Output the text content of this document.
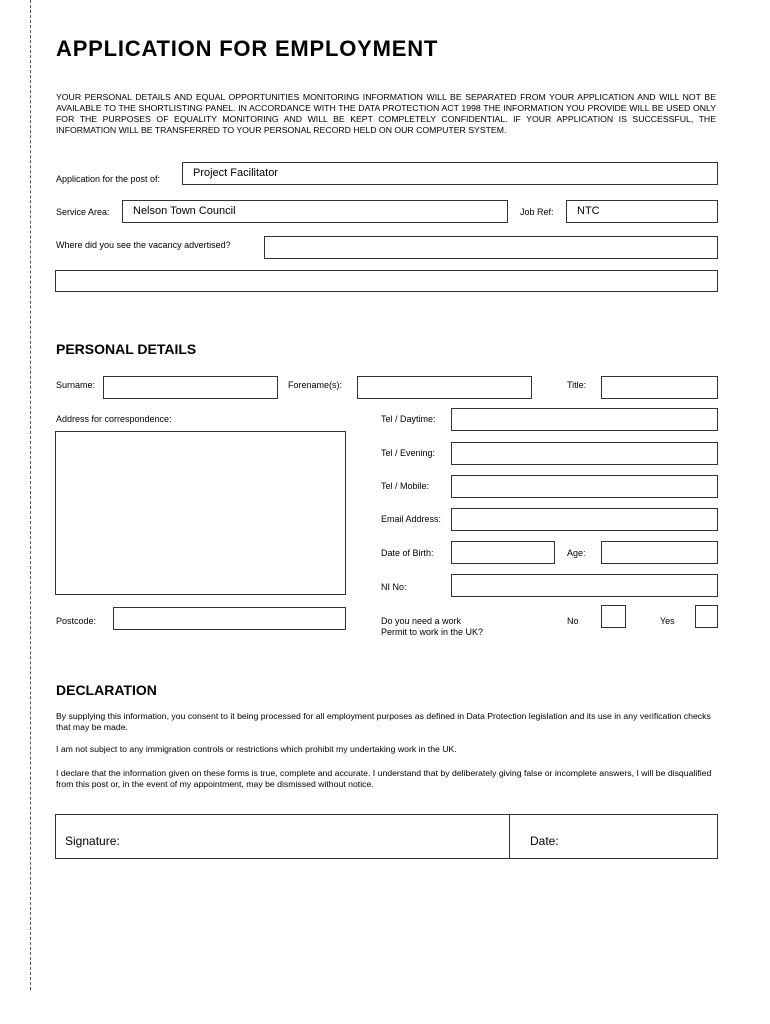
APPLICATION FOR EMPLOYMENT
YOUR PERSONAL DETAILS AND EQUAL OPPORTUNITIES MONITORING INFORMATION WILL BE SEPARATED FROM YOUR APPLICATION AND WILL NOT BE AVAILABLE TO THE SHORTLISTING PANEL. IN ACCORDANCE WITH THE DATA PROTECTION ACT 1998 THE INFORMATION YOU PROVIDE WILL BE USED ONLY FOR THE PURPOSES OF EQUALITY MONITORING AND WILL BE KEPT COMPLETELY CONFIDENTIAL. IF YOUR APPLICATION IS SUCCESSFUL, THE INFORMATION WILL BE TRANSFERRED TO YOUR PERSONAL RECORD HELD ON OUR COMPUTER SYSTEM.
Application for the post of:	Project Facilitator
Service Area:	Nelson Town Council	Job Ref:	NTC
Where did you see the vacancy advertised?
PERSONAL DETAILS
Surname:	Forename(s):	Title:
Address for correspondence:	Tel / Daytime:
Tel / Evening:
Tel / Mobile:
Email Address:
Date of Birth:	Age:
NI No:
Postcode:	Do you need a work
Permit to work in the UK?
No	Yes
DECLARATION
By supplying this information, you consent to it being processed for all employment purposes as defined in Data Protection legislation and its use in any verification checks that may be made.
I am not subject to any immigration controls or restrictions which prohibit my undertaking work in the UK.
I declare that the information given on these forms is true, complete and accurate. I understand that by deliberately giving false or incomplete answers, I will be disqualified from this post or, in the event of my appointment, may be dismissed without notice.
Signature:	Date:
